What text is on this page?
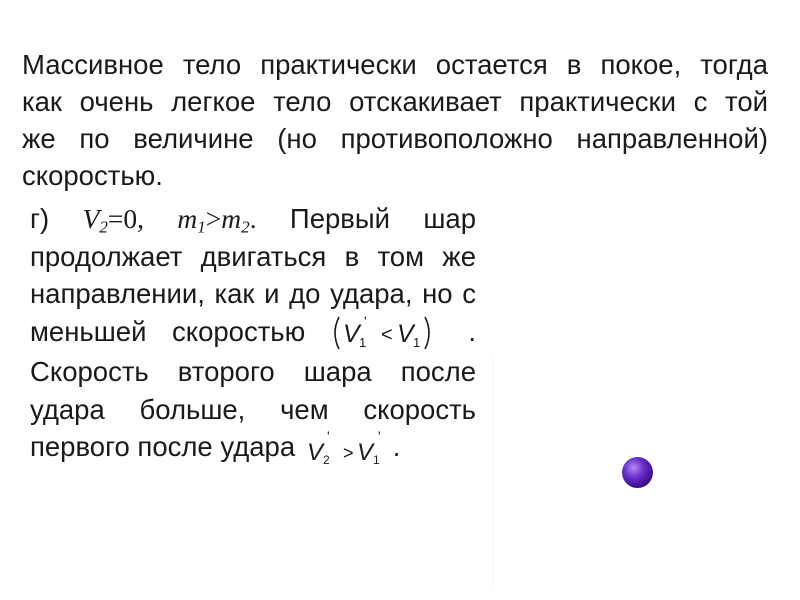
Массивное тело практически остается в покое, тогда
как очень легкое тело отскакивает практически с той
же по величине (но противоположно направленной)
скоростью.
г) $V_2=0$, $m_1>m_2$. Первый шар
продолжает двигаться в том же
направлении, как и до удара, но с
меньшей скоростью V 1
'
< V 1 .
Скорость второго шара после
удара больше, чем скорость
первого после удара V 2
'
> V 1
' .
